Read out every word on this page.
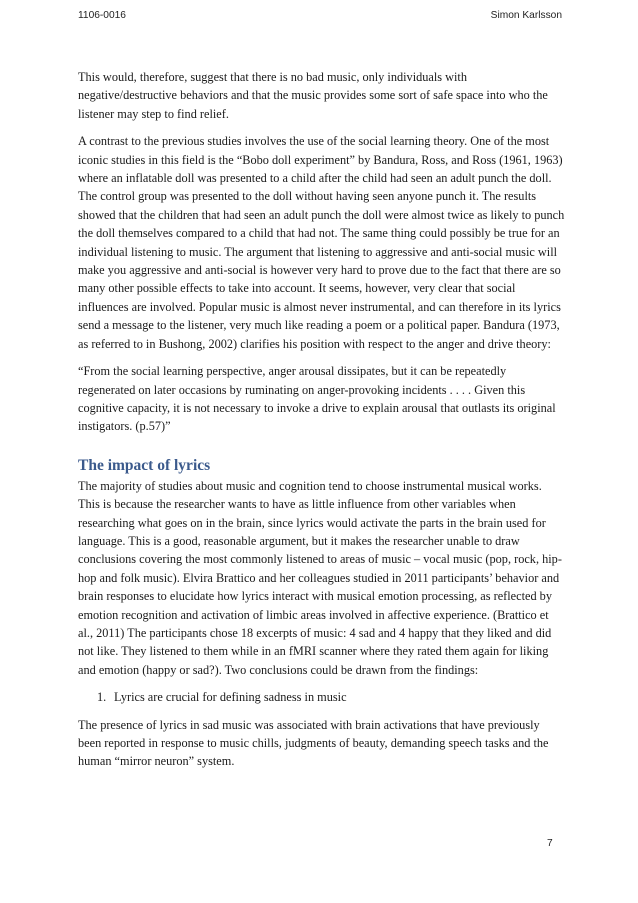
1106-0016	Simon Karlsson

This would, therefore, suggest that there is no bad music, only individuals with negative/destructive behaviors and that the music provides some sort of safe space into who the listener may step to find relief.

A contrast to the previous studies involves the use of the social learning theory. One of the most iconic studies in this field is the “Bobo doll experiment” by Bandura, Ross, and Ross (1961, 1963) where an inflatable doll was presented to a child after the child had seen an adult punch the doll. The control group was presented to the doll without having seen anyone punch it. The results showed that the children that had seen an adult punch the doll were almost twice as likely to punch the doll themselves compared to a child that had not. The same thing could possibly be true for an individual listening to music. The argument that listening to aggressive and anti-social music will make you aggressive and anti-social is however very hard to prove due to the fact that there are so many other possible effects to take into account. It seems, however, very clear that social influences are involved. Popular music is almost never instrumental, and can therefore in its lyrics send a message to the listener, very much like reading a poem or a political paper. Bandura (1973, as referred to in Bushong, 2002) clarifies his position with respect to the anger and drive theory:

“From the social learning perspective, anger arousal dissipates, but it can be repeatedly regenerated on later occasions by ruminating on anger-provoking incidents . . . . Given this cognitive capacity, it is not necessary to invoke a drive to explain arousal that outlasts its original instigators. (p.57)”

The impact of lyrics

The majority of studies about music and cognition tend to choose instrumental musical works. This is because the researcher wants to have as little influence from other variables when researching what goes on in the brain, since lyrics would activate the parts in the brain used for language. This is a good, reasonable argument, but it makes the researcher unable to draw conclusions covering the most commonly listened to areas of music – vocal music (pop, rock, hip-hop and folk music). Elvira Brattico and her colleagues studied in 2011 participants’ behavior and brain responses to elucidate how lyrics interact with musical emotion processing, as reflected by emotion recognition and activation of limbic areas involved in affective experience. (Brattico et al., 2011) The participants chose 18 excerpts of music: 4 sad and 4 happy that they liked and did not like. They listened to them while in an fMRI scanner where they rated them again for liking and emotion (happy or sad?). Two conclusions could be drawn from the findings:

1. Lyrics are crucial for defining sadness in music

The presence of lyrics in sad music was associated with brain activations that have previously been reported in response to music chills, judgments of beauty, demanding speech tasks and the human “mirror neuron” system.

7
